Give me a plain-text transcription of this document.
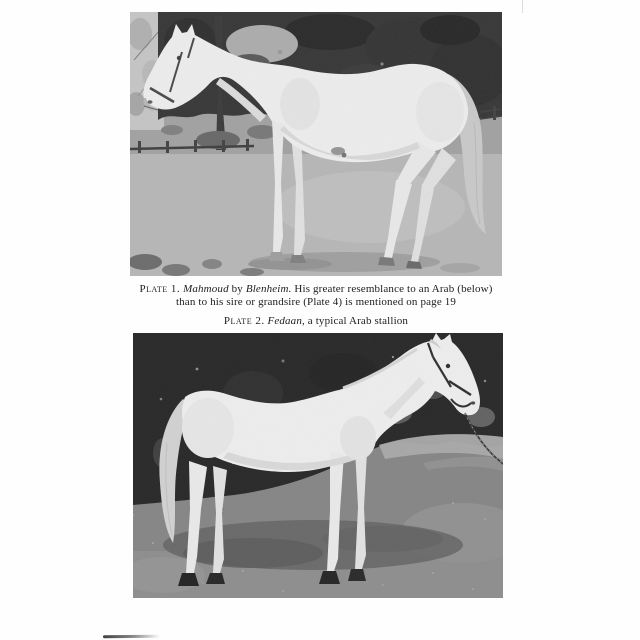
Plate 1. Mahmoud by Blenheim. His greater resemblance to an Arab (below)
than to his sire or grandsire (Plate 4) is mentioned on page 19
Plate 2. Fedaan, a typical Arab stallion
